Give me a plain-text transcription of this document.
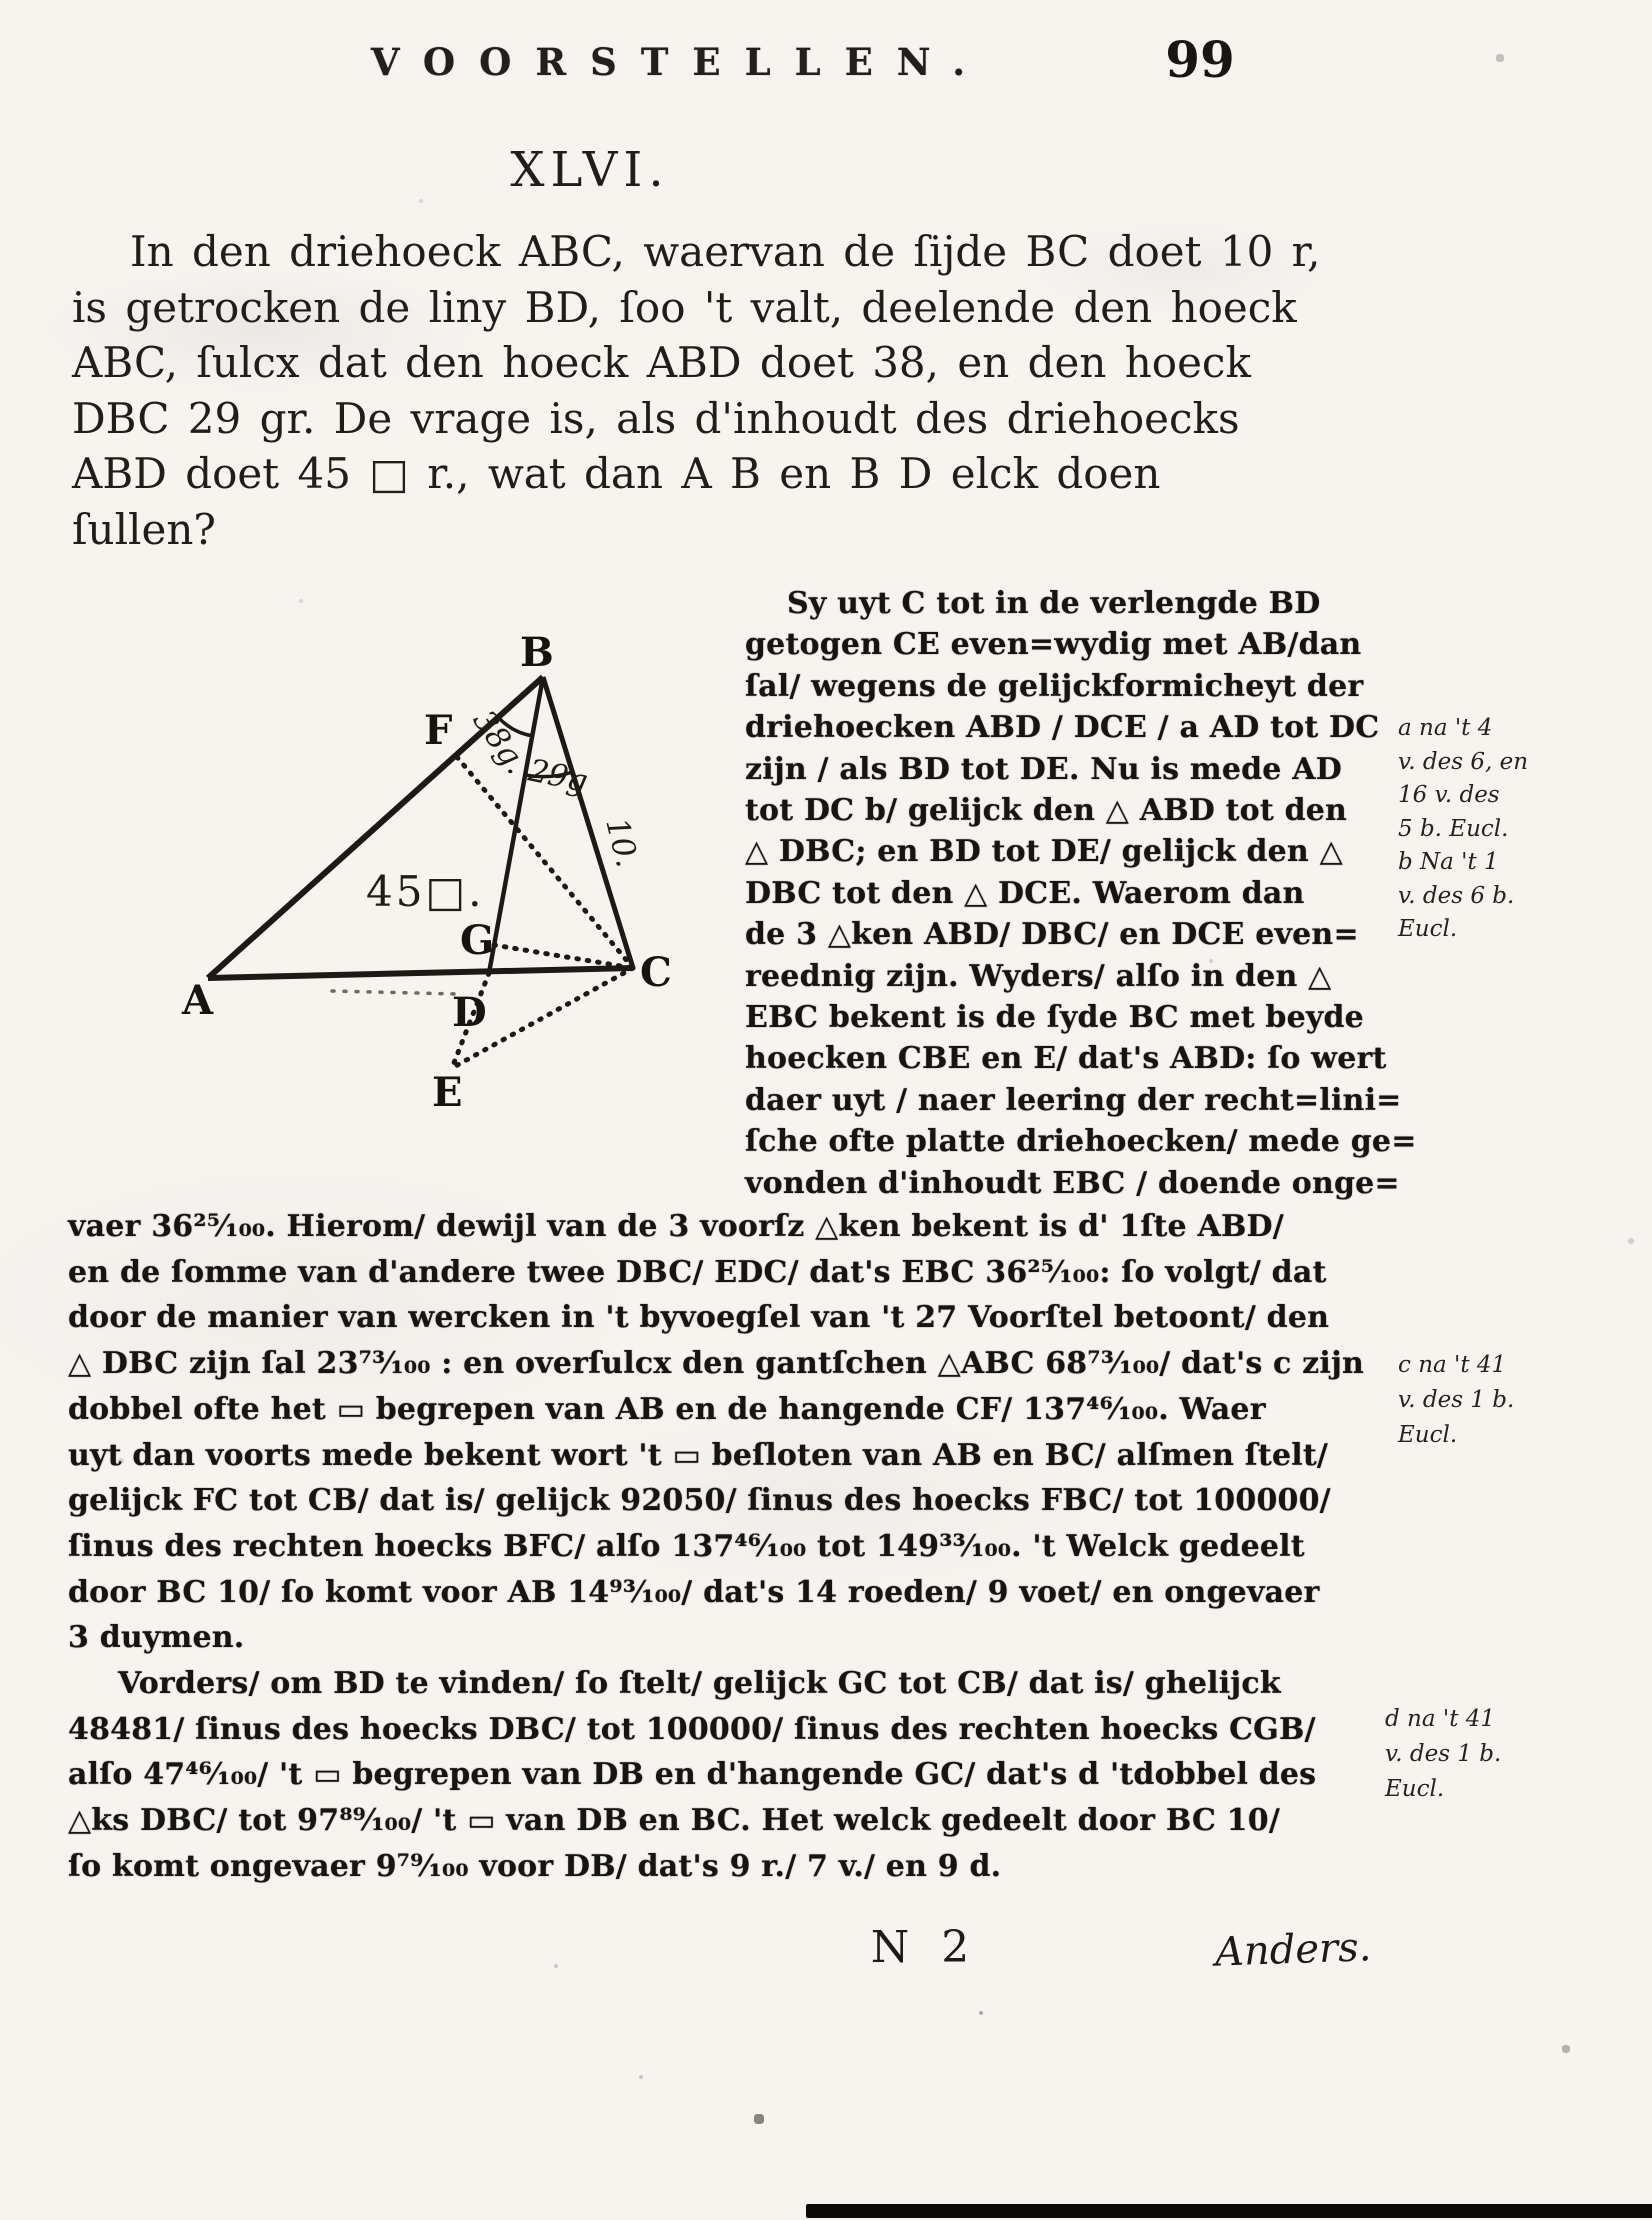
VOORSTELLEN.	99
XLVI.
In den driehoeck ABC, waervan de ſijde BC doet 10 r,
is getrocken de liny BD, ſoo 't valt, deelende den hoeck
ABC, ſulcx dat den hoeck ABD doet 38, en den hoeck
DBC 29 gr. De vrage is, als d'inhoudt des driehoecks
ABD doet 45 □ r., wat dan A B en B D elck doen
ſullen?
A
B
C
D
E
F
G
38g.
29g
10.
45□.
Sy uyt C tot in de verlengde BD
getogen CE even=wydig met AB/dan
ſal/ wegens de gelijckformicheyt der
driehoecken ABD / DCE / a AD tot DC
zijn / als BD tot DE. Nu is mede AD
tot DC b/ gelijck den △ ABD tot den
△ DBC; en BD tot DE/ gelijck den △
DBC tot den △ DCE. Waerom dan
de 3 △ken ABD/ DBC/ en DCE even=
reednig zijn. Wyders/ alſo in den △
EBC bekent is de ſyde BC met beyde
hoecken CBE en E/ dat's ABD: ſo wert
daer uyt / naer leering der recht=lini=
ſche ofte platte driehoecken/ mede ge=
vonden d'inhoudt EBC / doende onge=
a na 't 4
v. des 6, en
16 v. des
5 b. Eucl.
b Na 't 1
v. des 6 b.
Eucl.
c na 't 41
v. des 1 b.
Eucl.
d na 't 41
v. des 1 b.
Eucl.
vaer 36²⁵⁄₁₀₀. Hierom/ dewijl van de 3 voorſz △ken bekent is d' 1ſte ABD/
en de ſomme van d'andere twee DBC/ EDC/ dat's EBC 36²⁵⁄₁₀₀: ſo volgt/ dat
door de manier van wercken in 't byvoegſel van 't 27 Voorſtel betoont/ den
△ DBC zijn ſal 23⁷³⁄₁₀₀ : en overſulcx den gantſchen △ABC 68⁷³⁄₁₀₀/ dat's c zijn
dobbel ofte het ▭ begrepen van AB en de hangende CF/ 137⁴⁶⁄₁₀₀. Waer
uyt dan voorts mede bekent wort 't ▭ beſloten van AB en BC/ alſmen ſtelt/
gelijck FC tot CB/ dat is/ gelijck 92050/ ſinus des hoecks FBC/ tot 100000/
ſinus des rechten hoecks BFC/ alſo 137⁴⁶⁄₁₀₀ tot 149³³⁄₁₀₀. 't Welck gedeelt
door BC 10/ ſo komt voor AB 14⁹³⁄₁₀₀/ dat's 14 roeden/ 9 voet/ en ongevaer
3 duymen.
Vorders/ om BD te vinden/ ſo ſtelt/ gelijck GC tot CB/ dat is/ ghelijck
48481/ ſinus des hoecks DBC/ tot 100000/ ſinus des rechten hoecks CGB/
alſo 47⁴⁶⁄₁₀₀/ 't ▭ begrepen van DB en d'hangende GC/ dat's d 'tdobbel des
△ks DBC/ tot 97⁸⁹⁄₁₀₀/ 't ▭ van DB en BC. Het welck gedeelt door BC 10/
ſo komt ongevaer 9⁷⁹⁄₁₀₀ voor DB/ dat's 9 r./ 7 v./ en 9 d.
N 2	Anders.
